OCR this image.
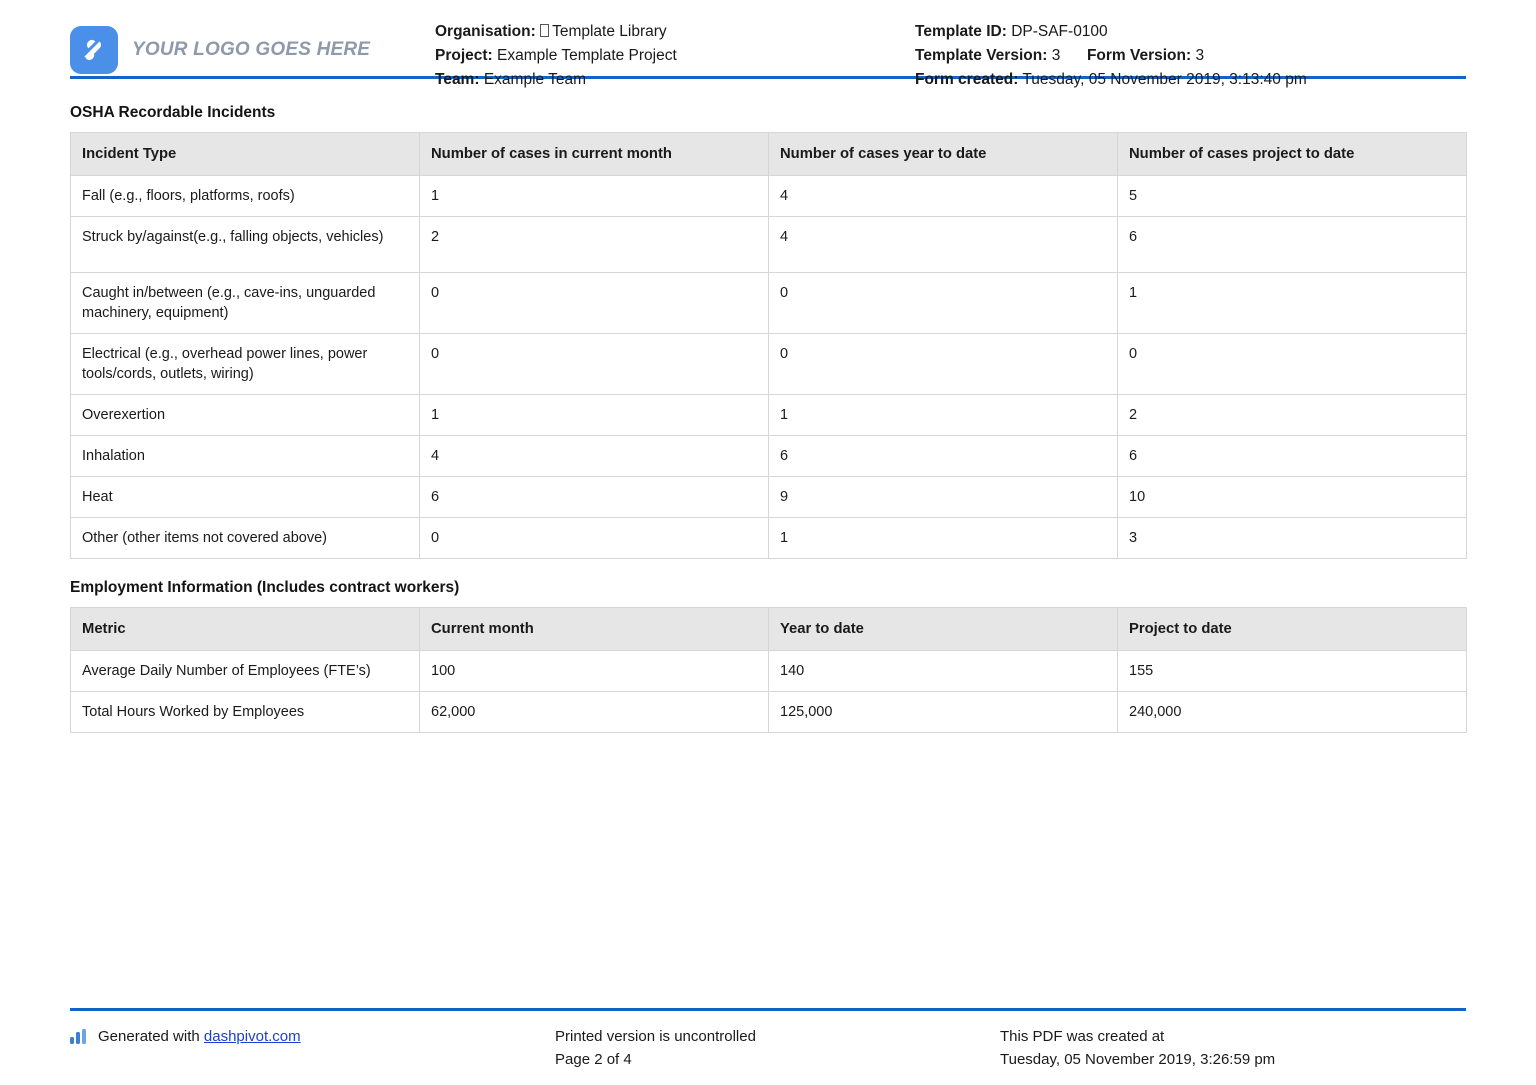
YOUR LOGO GOES HERE
Organisation: Template Library
Project: Example Template Project
Team: Example Team
Template ID: DP-SAF-0100
Template Version: 3 Form Version: 3
Form created: Tuesday, 05 November 2019, 3:13:40 pm
OSHA Recordable Incidents
Incident Type	Number of cases in current month	Number of cases year to date	Number of cases project to date
Fall (e.g., floors, platforms, roofs)	1	4	5
Struck by/against(e.g., falling objects, vehicles)	2	4	6
Caught in/between (e.g., cave-ins, unguarded machinery, equipment)	0	0	1
Electrical (e.g., overhead power lines, power tools/cords, outlets, wiring)	0	0	0
Overexertion	1	1	2
Inhalation	4	6	6
Heat	6	9	10
Other (other items not covered above)	0	1	3
Employment Information (Includes contract workers)
Metric	Current month	Year to date	Project to date
Average Daily Number of Employees (FTE’s)	100	140	155
Total Hours Worked by Employees	62,000	125,000	240,000
Generated with dashpivot.com	Printed version is uncontrolled
Page 2 of 4
This PDF was created at
Tuesday, 05 November 2019, 3:26:59 pm
